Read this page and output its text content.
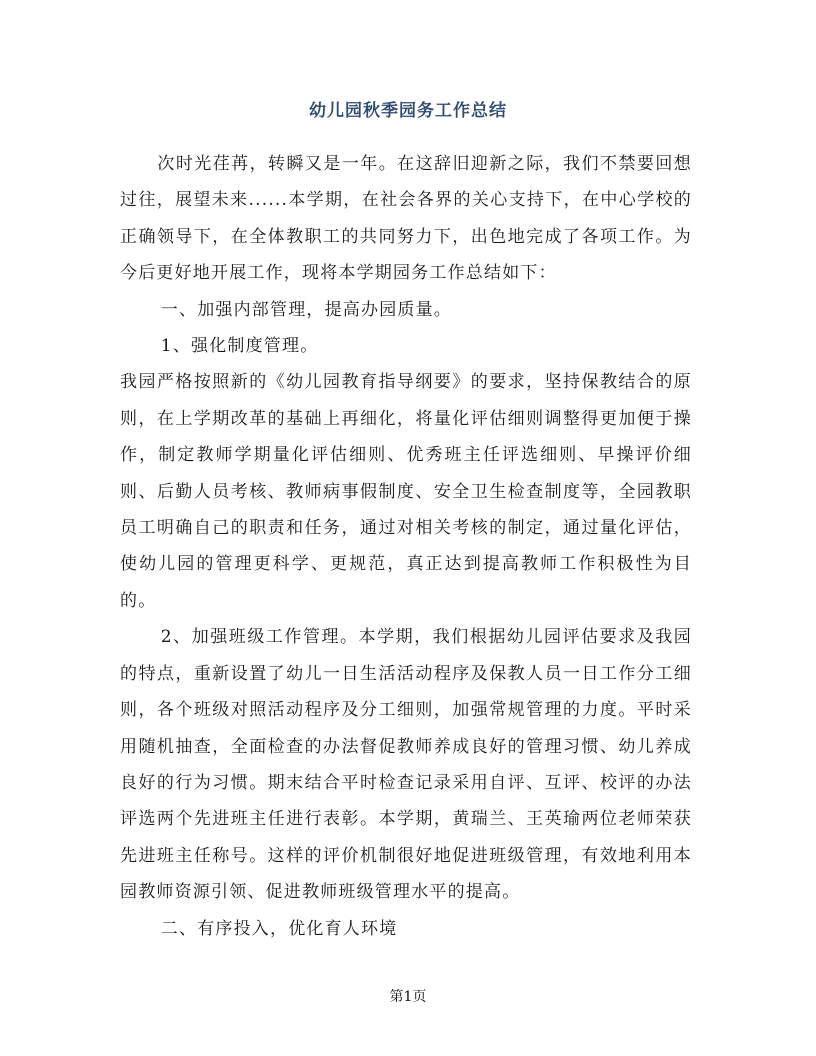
幼儿园秋季园务工作总结

次时光荏苒，转瞬又是一年。在这辞旧迎新之际，我们不禁要回想过往，展望未来......本学期，在社会各界的关心支持下，在中心学校的正确领导下，在全体教职工的共同努力下，出色地完成了各项工作。为今后更好地开展工作，现将本学期园务工作总结如下：

一、加强内部管理，提高办园质量。

1、强化制度管理。

我园严格按照新的《幼儿园教育指导纲要》的要求，坚持保教结合的原则，在上学期改革的基础上再细化，将量化评估细则调整得更加便于操作，制定教师学期量化评估细则、优秀班主任评选细则、早操评价细则、后勤人员考核、教师病事假制度、安全卫生检查制度等，全园教职员工明确自己的职责和任务，通过对相关考核的制定，通过量化评估，使幼儿园的管理更科学、更规范，真正达到提高教师工作积极性为目的。

2、加强班级工作管理。本学期，我们根据幼儿园评估要求及我园的特点，重新设置了幼儿一日生活活动程序及保教人员一日工作分工细则，各个班级对照活动程序及分工细则，加强常规管理的力度。平时采用随机抽查，全面检查的办法督促教师养成良好的管理习惯、幼儿养成良好的行为习惯。期末结合平时检查记录采用自评、互评、校评的办法评选两个先进班主任进行表彰。本学期，黄瑞兰、王英瑜两位老师荣获先进班主任称号。这样的评价机制很好地促进班级管理，有效地利用本园教师资源引领、促进教师班级管理水平的提高。

二、有序投入，优化育人环境

第1页
